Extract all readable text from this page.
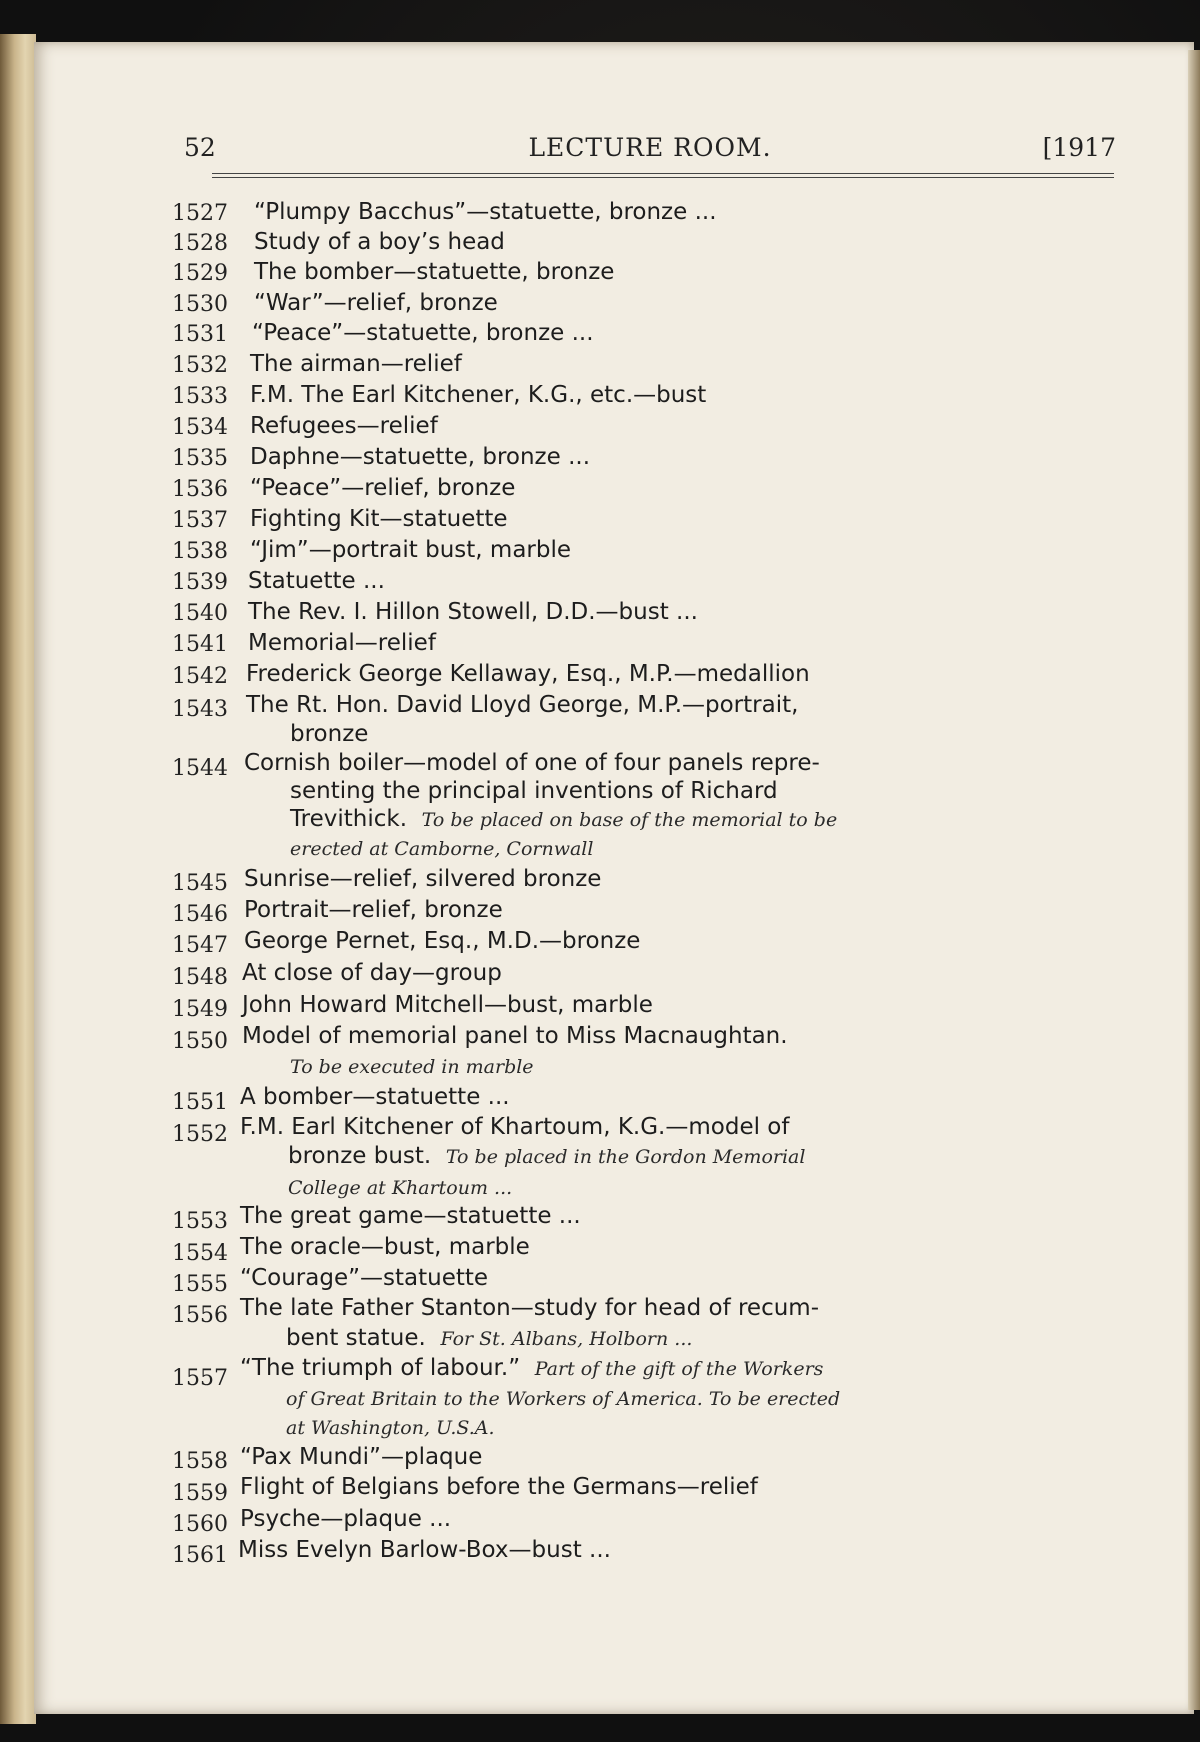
52	LECTURE ROOM.	[1917
1527 “Plumpy Bacchus”—statuette, bronze ...
1528 Study of a boy’s head
1529 The bomber—statuette, bronze
1530 “War”—relief, bronze
1531 “Peace”—statuette, bronze ...
1532 The airman—relief
1533 F.M. The Earl Kitchener, K.G., etc.—bust
1534 Refugees—relief
1535 Daphne—statuette, bronze ...
1536 “Peace”—relief, bronze
1537 Fighting Kit—statuette
1538 “Jim”—portrait bust, marble
1539 Statuette ...
1540 The Rev. I. Hillon Stowell, D.D.—bust ...
1541 Memorial—relief
1542 Frederick George Kellaway, Esq., M.P.—medallion
1543 The Rt. Hon. David Lloyd George, M.P.—portrait,
bronze
1544 Cornish boiler—model of one of four panels repre-
senting the principal inventions of Richard
Trevithick. To be placed on base of the memorial to be
erected at Camborne, Cornwall
1545 Sunrise—relief, silvered bronze
1546 Portrait—relief, bronze
1547 George Pernet, Esq., M.D.—bronze
1548 At close of day—group
1549 John Howard Mitchell—bust, marble
1550 Model of memorial panel to Miss Macnaughtan.
To be executed in marble
1551 A bomber—statuette ...
1552 F.M. Earl Kitchener of Khartoum, K.G.—model of
bronze bust. To be placed in the Gordon Memorial
College at Khartoum ...
1553 The great game—statuette ...
1554 The oracle—bust, marble
1555 “Courage”—statuette
1556 The late Father Stanton—study for head of recum-
bent statue. For St. Albans, Holborn ...
1557 “The triumph of labour.” Part of the gift of the Workers
of Great Britain to the Workers of America. To be erected
at Washington, U.S.A.
1558 “Pax Mundi”—plaque
1559 Flight of Belgians before the Germans—relief
1560 Psyche—plaque ...
1561 Miss Evelyn Barlow-Box—bust ...
